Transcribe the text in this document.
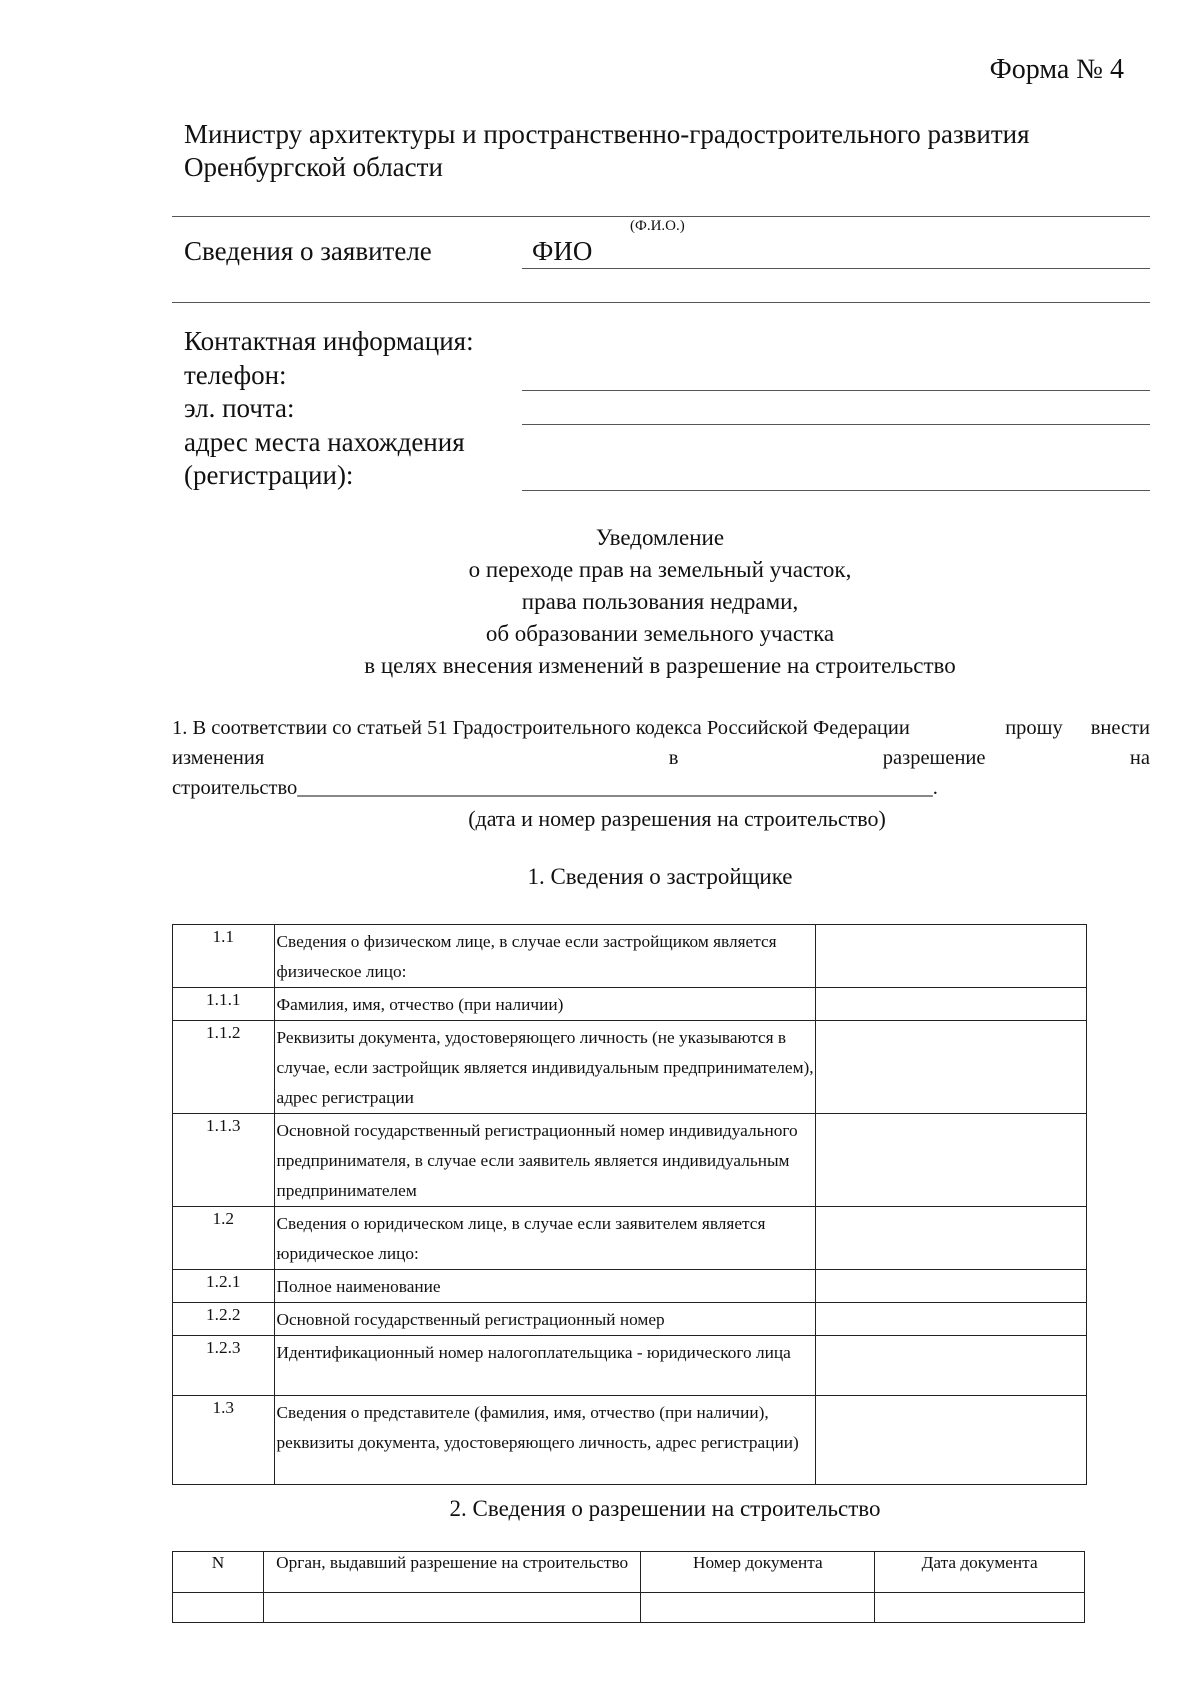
Форма № 4
Министру архитектуры и пространственно-градостроительного развития
Оренбургской области
(Ф.И.О.)
Сведения о заявителе	ФИО
Контактная информация:
телефон:
эл. почта:
адрес места нахождения
(регистрации):
Уведомление
о переходе прав на земельный участок,
права пользования недрами,
об образовании земельного участка
в целях внесения изменений в разрешение на строительство
1. В соответствии со статьей 51 Градостроительного кодекса Российской Федерации	прошу внести
изменения	в	разрешение	на
строительство______________________________________________________________.
(дата и номер разрешения на строительство)
1. Сведения о застройщике
1.1	Сведения о физическом лице, в случае если застройщиком является физическое лицо:	
1.1.1	Фамилия, имя, отчество (при наличии)	
1.1.2	Реквизиты документа, удостоверяющего личность (не указываются в случае, если застройщик является индивидуальным предпринимателем), адрес регистрации	
1.1.3	Основной государственный регистрационный номер индивидуального предпринимателя, в случае если заявитель является индивидуальным предпринимателем	
1.2	Сведения о юридическом лице, в случае если заявителем является юридическое лицо:	
1.2.1	Полное наименование	
1.2.2	Основной государственный регистрационный номер	
1.2.3	Идентификационный номер налогоплательщика - юридического лица	
1.3	Сведения о представителе (фамилия, имя, отчество (при наличии), реквизиты документа, удостоверяющего личность, адрес регистрации)	
2. Сведения о разрешении на строительство
N	Орган, выдавший разрешение на строительство	Номер документа	Дата документа
